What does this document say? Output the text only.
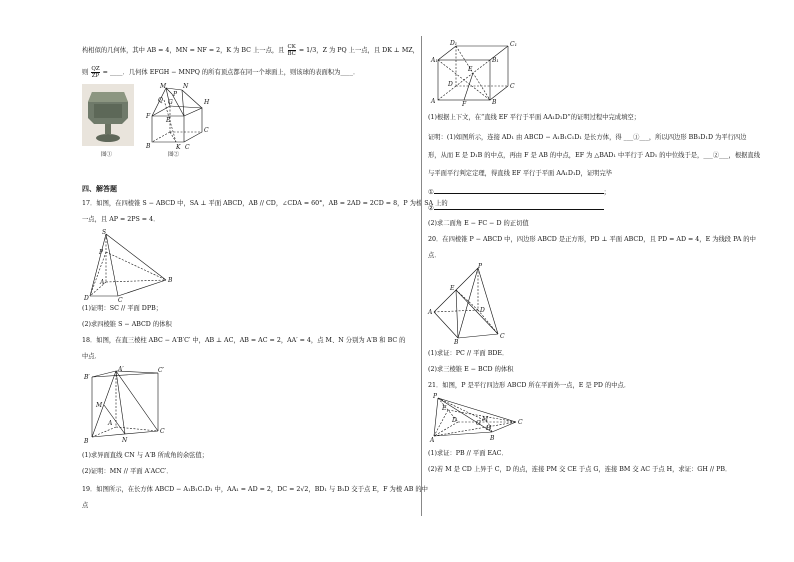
构相似的几何体，其中 AB = 4，MN = NF = 2，K 为 BC 上一点，且 $\frac{CK}{BC} = 1/3$，Z 为 PQ 上一点，且 DK ⊥ MZ，
则 $\frac{QZ}{ZP}$ = ____．几何体 EFGH − MNPQ 的所有顶点都在同一个球面上，则该球的表面积为____．
图①
M	N
P
Q
F
G	H
C
B	K C
E
图②
四、解答题
17．如图，在四棱锥 S − ABCD 中，SA ⊥ 平面 ABCD，AB // CD，∠CDA = 60°，AB = 2AD = 2CD = 8，P 为棱 SA 上的
一点，且 AP = 2PS = 4．
S
P
A	B
D	C
(1)证明：SC // 平面 DPB；
(2)求四棱锥 S − ABCD 的体积
18．如图，在直三棱柱 ABC − A′B′C′ 中，AB ⊥ AC，AB = AC = 2，AA′ = 4，点 M、N 分别为 A′B 和 BC 的
中点．
A′	C′
B′
M
A
C
B	N
(1)求异面直线 CN 与 A′B 所成角的余弦值；
(2)证明：MN // 平面 A′ACC′．
19．如图所示，在长方体 ABCD − A₁B₁C₁D₁ 中，AA₁ = AD = 2，DC = 2√2，BD₁ 与 B₁D 交于点 E，F 为棱 AB 的中
点
D₁	C₁
A₁	B₁
E
D	C
A	F	B
(1)根据上下文，在“直线 EF 平行于平面 AA₁D₁D”的证明过程中完成填空；
证明：(1)如图所示，连接 AD₁ 由 ABCD − A₁B₁C₁D₁ 是长方体，得 ___①___，所以四边形 BB₁D₁D 为平行四边
形，从而 E 是 D₁B 的中点，再由 F 是 AB 的中点，EF 为 △BAD₁ 中平行于 AD₁ 的中位线于是，___②___，根据直线
与平面平行判定定理，得直线 EF 平行于平面 AA₁D₁D，证明完毕
①	；
②
(2)求二面角 E − FC − D 的正切值
20．在四棱锥 P − ABCD 中，四边形 ABCD 是正方形，PD ⊥ 平面 ABCD，且 PD = AD = 4，E 为线段 PA 的中
点．
P
E
A	D
B
C
(1)求证：PC // 平面 BDE．
(2)求三棱锥 E − BCD 的体积
21．如图，P 是平行四边形 ABCD 所在平面外一点，E 是 PD 的中点．
P
E
D	M
G
H
C
A	B
(1)求证：PB // 平面 EAC．
(2)若 M 是 CD 上异于 C，D 的点，连接 PM 交 CE 于点 G，连接 BM 交 AC 于点 H，求证：GH // PB．
